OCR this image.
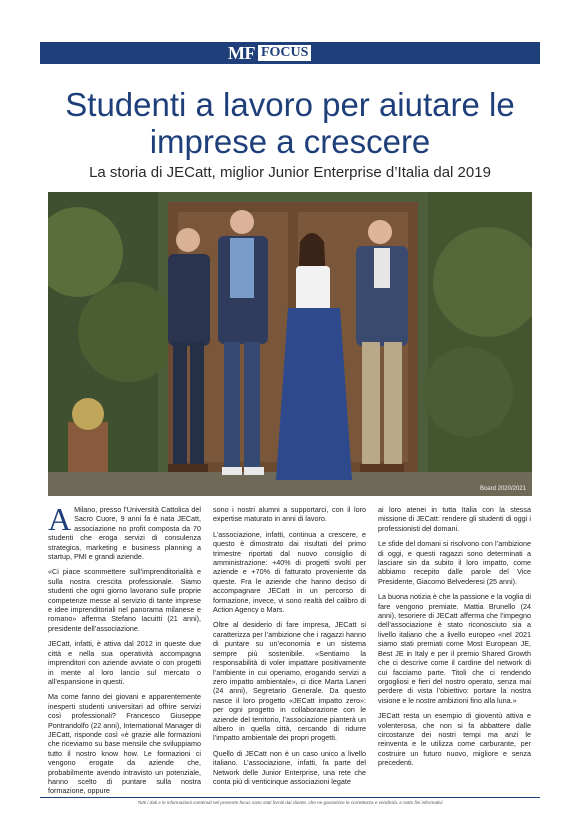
MF FOCUS
Studenti a lavoro per aiutare le imprese a crescere

La storia di JECatt, miglior Junior Enterprise d’Italia dal 2019

Board 2020/2021

A Milano, presso l’Università Cattolica del Sacro Cuore, 9 anni fa è nata JECatt, associazione no profit composta da 70 studenti che eroga servizi di consulenza strategica, marketing e business planning a startup, PMI e grandi aziende.

«Ci piace scommettere sull’imprenditorialità e sulla nostra crescita professionale. Siamo studenti che ogni giorno lavorano sulle proprie competenze messe al servizio di tante imprese e idee imprenditoriali nel panorama milanese e romano» afferma Stefano Iacuitti (21 anni), presidente dell’associazione.

JECatt, infatti, è attiva dal 2012 in queste due città e nella sua operatività accompagna imprenditori con aziende avviate o con progetti in mente al loro lancio sul mercato o all’espansione in questi.

Ma come fanno dei giovani e apparentemente inesperti studenti universitari ad offrire servizi così professionali? Francesco Giuseppe Pontrandolfo (22 anni), International Manager di JECatt, risponde così «è grazie alle formazioni che riceviamo su base mensile che sviluppiamo tutto il nostro know how. Le formazioni ci vengono erogate da aziende che, probabilmente avendo intravisto un potenziale, hanno scelto di puntare sulla nostra formazione, oppure

sono i nostri alumni a supportarci, con il loro expertise maturato in anni di lavoro.

L’associazione, infatti, continua a crescere, e questo è dimostrato dai risultati del primo trimestre riportati dal nuovo consiglio di amministrazione: +40% di progetti svolti per aziende e +70% di fatturato proveniente da queste. Fra le aziende che hanno deciso di accompagnare JECatt in un percorso di formazione, invece, vi sono realtà del calibro di Action Agency o Mars.

Oltre al desiderio di fare impresa, JECatt si caratterizza per l’ambizione che i ragazzi hanno di puntare su un’economia e un sistema sempre più sostenibile. «Sentiamo la responsabilità di voler impattare positivamente l’ambiente in cui operiamo, erogando servizi a zero impatto ambientale», ci dice Marta Laneri (24 anni), Segretario Generale. Da questo nasce il loro progetto «JECatt impatto zero»: per ogni progetto in collaborazione con le aziende del territorio, l’associazione pianterà un albero in quella città, cercando di ridurre l’impatto ambientale dei propri progetti.

Quello di JECatt non è un caso unico a livello italiano. L’associazione, infatti, fa parte del Network delle Junior Enterprise, una rete che conta più di venticinque associazioni legate

ai loro atenei in tutta Italia con la stessa missione di JECatt: rendere gli studenti di oggi i professionisti del domani.

Le sfide del domani si risolvono con l’ambizione di oggi, e questi ragazzi sono determinati a lasciare sin da subito il loro impatto, come abbiamo recepito dalle parole del Vice Presidente, Giacomo Belvederesi (25 anni).

La buona notizia è che la passione e la voglia di fare vengono premiate. Mattia Brunello (24 anni), tesoriere di JECatt afferma che l’impegno dell’associazione è stato riconosciuto sia a livello italiano che a livello europeo «nel 2021 siamo stati premiati come Most European JE, Best JE in Italy e per il premio Shared Growth che ci descrive come il cardine del network di cui facciamo parte. Titoli che ci rendendo orgogliosi e fieri del nostro operato, senza mai perdere di vista l’obiettivo: portare la nostra visione e le nostre ambizioni fino alla luna.»

JECatt resta un esempio di gioventù attiva e volenterosa, che non si fa abbattere dalle circostanze dei nostri tempi ma anzi le reinventa e le utilizza come carburante, per costruire un futuro nuovo, migliore e senza precedenti.

Tutti i dati e le informazioni contenuti nel presente focus sono stati forniti dal cliente, che ne garantisce la correttezza e veridicità, e sotto fini informativi
